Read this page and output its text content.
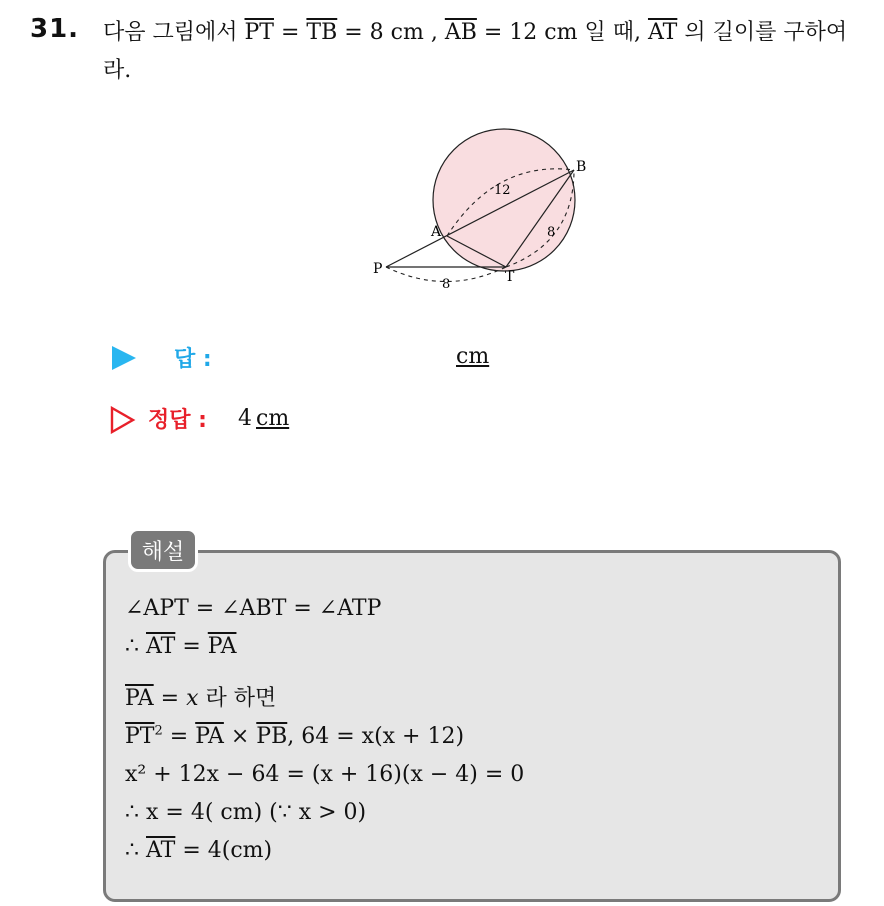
31. 다음 그림에서 $\overline{PT} = \overline{TB} = 8$ cm , $\overline{AB} = 12$ cm 일 때, $\overline{AT}$ 의 길이를 구하여라.
B
A
P	T
12
8
8
답 :	cm
정답 : 4 cm
해설
∠APT = ∠ABT = ∠ATP
∴ $\overline{AT} = \overline{PA}$
$\overline{PA} = x$ 라 하면
$\overline{PT}^2 = \overline{PA} \times \overline{PB}$, 64 = x(x + 12)
x² + 12x − 64 = (x + 16)(x − 4) = 0
∴ x = 4( cm) (∵ x > 0)
∴ $\overline{AT} = 4(cm)$
